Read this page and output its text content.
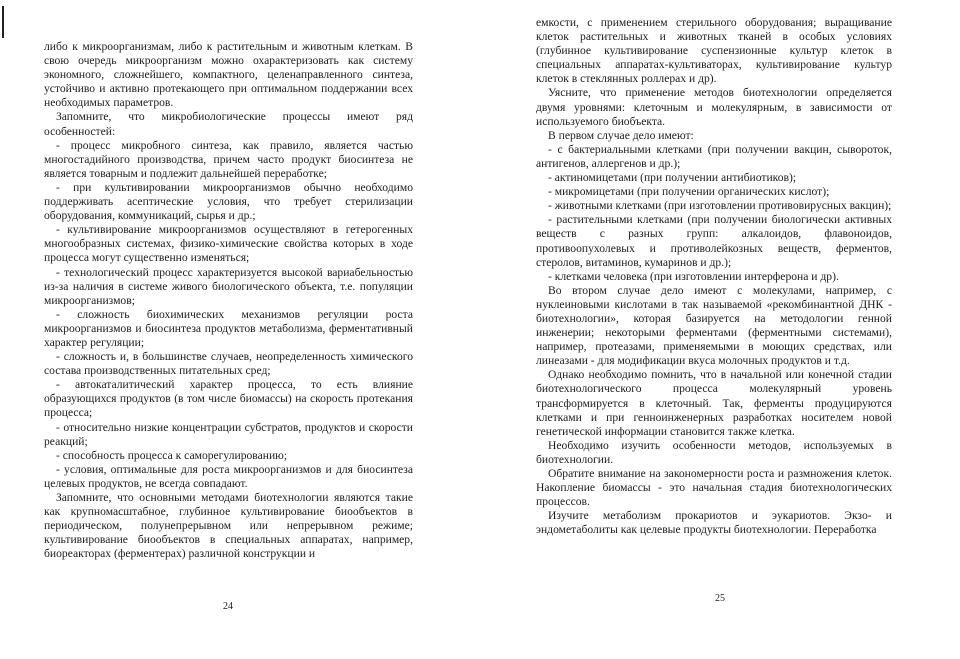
либо к микроорганизмам, либо к растительным и животным клеткам. В свою очередь микроорганизм можно охарактеризовать как систему экономного, сложнейшего, компактного, целенаправленного синтеза, устойчиво и активно протекающего при оптимальном поддержании всех необходимых параметров.

Запомните, что микробиологические процессы имеют ряд особенностей:

- процесс микробного синтеза, как правило, является частью многостадийного производства, причем часто продукт биосинтеза не является товарным и подлежит дальнейшей переработке;

- при культивировании микроорганизмов обычно необходимо поддерживать асептические условия, что требует стерилизации оборудования, коммуникаций, сырья и др.;

- культивирование микроорганизмов осуществляют в гетерогенных многообразных системах, физико-химические свойства которых в ходе процесса могут существенно изменяться;

- технологический процесс характеризуется высокой вариабельностью из-за наличия в системе живого биологического объекта, т.е. популяции микроорганизмов;

- сложность биохимических механизмов регуляции роста микроорганизмов и биосинтеза продуктов метаболизма, ферментативный характер регуляции;

- сложность и, в большинстве случаев, неопределенность химического состава производственных питательных сред;

- автокаталитический характер процесса, то есть влияние образующихся продуктов (в том числе биомассы) на скорость протекания процесса;

- относительно низкие концентрации субстратов, продуктов и скорости реакций;

- способность процесса к саморегулированию;

- условия, оптимальные для роста микроорганизмов и для биосинтеза целевых продуктов, не всегда совпадают.

Запомните, что основными методами биотехнологии являются такие как крупномасштабное, глубинное культивирование биообъектов в периодическом, полунепрерывном или непрерывном режиме; культивирование биообъектов в специальных аппаратах, например, биореакторах (ферментерах) различной конструкции и

24

емкости, с применением стерильного оборудования; выращивание клеток растительных и животных тканей в особых условиях (глубинное культивирование суспензионные культур клеток в специальных аппаратах-культиваторах, культивирование культур клеток в стеклянных роллерах и др).

Уясните, что применение методов биотехнологии определяется двумя уровнями: клеточным и молекулярным, в зависимости от используемого биобъекта.

В первом случае дело имеют:

- с бактериальными клетками (при получении вакцин, сывороток, антигенов, аллергенов и др.);

- актиномицетами (при получении антибиотиков);

- микромицетами (при получении органических кислот);

- животными клетками (при изготовлении противовирусных вакцин);

- растительными клетками (при получении биологически активных веществ с разных групп: алкалоидов, флавоноидов, противоопухолевых и противолейкозных веществ, ферментов, стеролов, витаминов, кумаринов и др.);

- клетками человека (при изготовлении интерферона и др).

Во втором случае дело имеют с молекулами, например, с нуклеиновыми кислотами в так называемой «рекомбинантной ДНК - биотехнологии», которая базируется на методологии генной инженерии; некоторыми ферментами (ферментными системами), например, протеазами, применяемыми в моющих средствах, или линеазами - для модификации вкуса молочных продуктов и т.д.

Однако необходимо помнить, что в начальной или конечной стадии биотехнологического процесса молекулярный уровень трансформируется в клеточный. Так, ферменты продуцируются клетками и при генноинженерных разработках носителем новой генетической информации становится также клетка.

Необходимо изучить особенности методов, используемых в биотехнологии.

Обратите внимание на закономерности роста и размножения клеток. Накопление биомассы - это начальная стадия биотехнологических процессов.

Изучите метаболизм прокариотов и эукариотов. Экзо- и эндометаболиты как целевые продукты биотехнологии. Переработка

25
